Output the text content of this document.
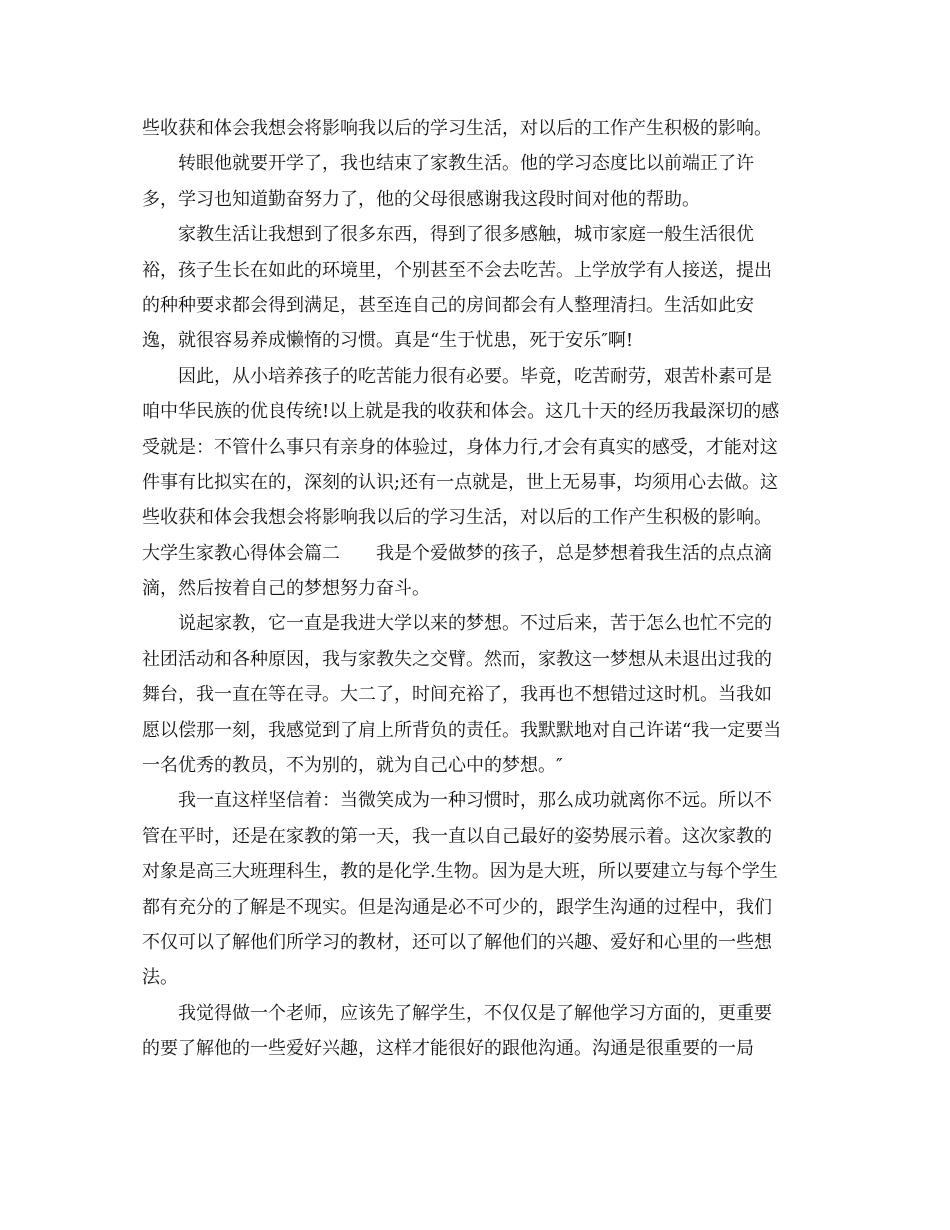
些收获和体会我想会将影响我以后的学习生活，对以后的工作产生积极的影响。
转眼他就要开学了，我也结束了家教生活。他的学习态度比以前端正了许
多，学习也知道勤奋努力了，他的父母很感谢我这段时间对他的帮助。
家教生活让我想到了很多东西，得到了很多感触，城市家庭一般生活很优
裕，孩子生长在如此的环境里，个别甚至不会去吃苦。上学放学有人接送，提出
的种种要求都会得到满足，甚至连自己的房间都会有人整理清扫。生活如此安
逸，就很容易养成懒惰的习惯。真是“生于忧患，死于安乐″啊!
因此，从小培养孩子的吃苦能力很有必要。毕竟，吃苦耐劳，艰苦朴素可是
咱中华民族的优良传统!以上就是我的收获和体会。这几十天的经历我最深切的感
受就是：不管什么事只有亲身的体验过，身体力行,才会有真实的感受，才能对这
件事有比拟实在的，深刻的认识;还有一点就是，世上无易事，均须用心去做。这
些收获和体会我想会将影响我以后的学习生活，对以后的工作产生积极的影响。
大学生家教心得体会篇二　　我是个爱做梦的孩子，总是梦想着我生活的点点滴
滴，然后按着自己的梦想努力奋斗。
说起家教，它一直是我进大学以来的梦想。不过后来，苦于怎么也忙不完的
社团活动和各种原因，我与家教失之交臂。然而，家教这一梦想从未退出过我的
舞台，我一直在等在寻。大二了，时间充裕了，我再也不想错过这时机。当我如
愿以偿那一刻，我感觉到了肩上所背负的责任。我默默地对自己许诺“我一定要当
一名优秀的教员，不为别的，就为自己心中的梦想。″
我一直这样坚信着：当微笑成为一种习惯时，那么成功就离你不远。所以不
管在平时，还是在家教的第一天，我一直以自己最好的姿势展示着。这次家教的
对象是高三大班理科生，教的是化学.生物。因为是大班，所以要建立与每个学生
都有充分的了解是不现实。但是沟通是必不可少的，跟学生沟通的过程中，我们
不仅可以了解他们所学习的教材，还可以了解他们的兴趣、爱好和心里的一些想
法。
我觉得做一个老师，应该先了解学生，不仅仅是了解他学习方面的，更重要
的要了解他的一些爱好兴趣，这样才能很好的跟他沟通。沟通是很重要的一局
